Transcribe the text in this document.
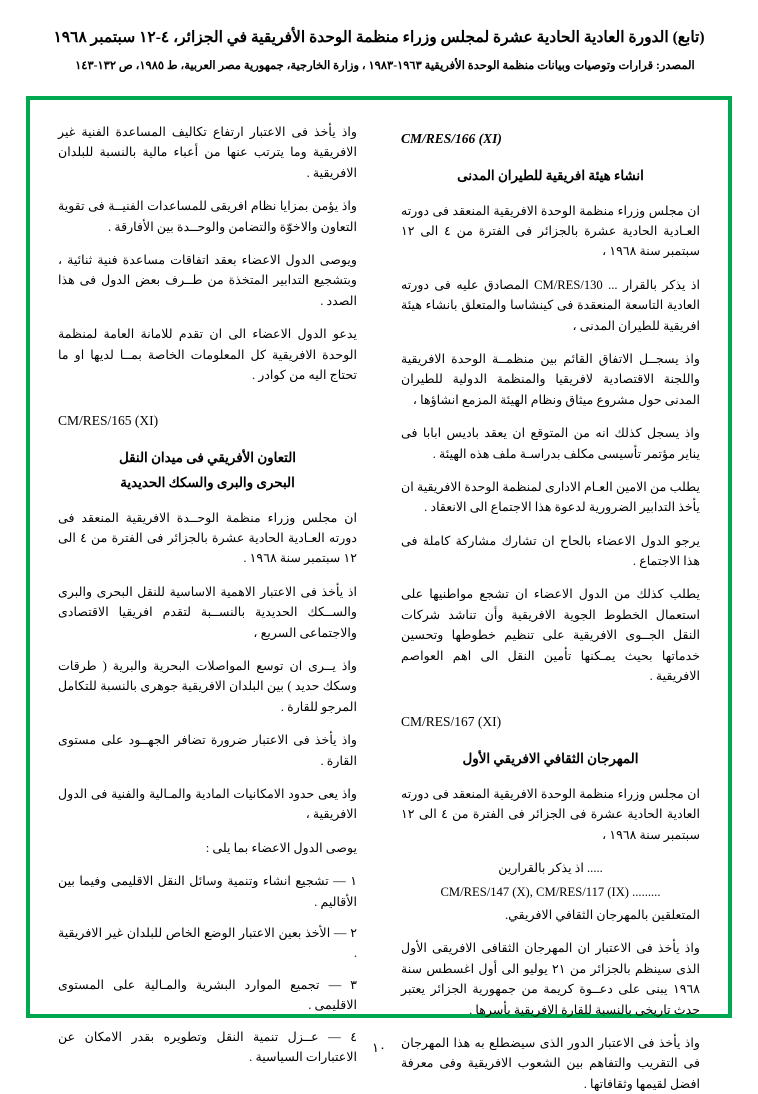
(تابع) الدورة العادية الحادية عشرة لمجلس وزراء منظمة الوحدة الأفريقية في الجزائر، ٤-١٢ سبتمبر ١٩٦٨
المصدر: ﻗﺮﺍﺭﺍﺕ ﻭﺗﻮﺻﻴﺎﺕ ﻭﺑﻴﺎﻧﺎﺕ ﻣﻨﻈﻤﺔ ﺍﻟﻮﺣﺪﺓ ﺍﻷﻓﺮﻳﻘﻴﺔ ١٩٦٣-١٩٨٣ ، ﻭﺯﺍﺭﺓ ﺍﻟﺨﺎﺭﺟﻴﺔ، ﺟﻤﻬﻮﺭﻳﺔ ﻣﺼﺮ ﺍﻟﻌﺮﺑﻴﺔ، ﻁ ١٩٨٥، ﺹ ١٣٢-١٤٣ ّ
CM/RES/166 (XI)
انشاء هيئة افريقية للطيران المدنى

ان مجلس وزراء منظمة الوحدة الافريقية المنعقد فى دورته العـادية الحادية عشرة بالجزائر فى الفترة من ٤ الى ١٢ سبتمبر سنة ١٩٦٨ ،

اذ يذكر بالقرار ... CM/RES/130 المصادق عليه فى دورته العادية التاسعة المنعقدة فى كينشاسا والمتعلق بانشاء هيئة افريقية للطيران المدنى ،

واذ يسجــل الاتفاق القائم بين منظمــة الوحدة الافريقية واللجنة الاقتصادية لافريقيا والمنظمة الدولية للطيران المدنى حول مشروع ميثاق ونظام الهيئة المزمع انشاؤها ،

واذ يسجل كذلك انه من المتوقع ان يعقد باديس ابابا فى يناير مؤتمر تأسيسى مكلف بدراسـة ملف هذه الهيئة .

يطلب من الامين العـام الادارى لمنظمة الوحدة الافريقية ان يأخذ التدابير الضرورية لدعوة هذا الاجتماع الى الانعقاد .

يرجو الدول الاعضاء بالحاح ان تشارك مشاركة كاملة فى هذا الاجتماع .

يطلب كذلك من الدول الاعضاء ان تشجع مواطنيها على استعمال الخطوط الجوية الافريقية وأن تناشد شركات النقل الجــوى الافريقية على تنظيم خطوطها وتحسين خدماتها بحيث يمـكنها تأمين النقل الى اهم العواصم الافريقية .

CM/RES/167 (XI)
المهرجان الثقافي الافريقي الأول

ان مجلس وزراء منظمة الوحدة الافريقية المنعقد فى دورته العادية الحادية عشرة فى الجزائر فى الفترة من ٤ الى ١٢ سبتمبر سنة ١٩٦٨ ،

اذ يذكر بالقرارين .....
CM/RES/147 (X), CM/RES/117 (IX) .........

المتعلقين بالمهرجان الثقافي الافريقي.

واذ يأخذ فى الاعتبار ان المهرجان الثقافى الافريقى الأول الذى سينظم بالجزائر من ٢١ يوليو الى أول اغسطس سنة ١٩٦٨ يبنى على دعــوة كريمة من جمهورية الجزائر يعتبر حدث تاريخى بالنسبة للقارة الافريقية بأسرها .

واذ يأخذ فى الاعتبار الدور الذى سيضطلع به هذا المهرجان فى التقريب والتفاهم بين الشعوب الافريقية وفى معرفة افضل لقيمها وثقافاتها .

واذ يأخذ فى الاعتبار ارتفاع تكاليف المساعدة الفنية غير الافريقية وما يترتب عنها من أعباء مالية بالنسبة للبلدان الافريقية .

واذ يؤمن بمزايا نظام افريقى للمساعدات الفنيــة فى تقوية التعاون والاخوّة والتضامن والوحــدة بين الأفارقة .

ويوصى الدول الاعضاء بعقد اتفاقات مساعدة فنية ثنائية ، وبتشجيع التدابير المتخذة من طــرف بعض الدول فى هذا الصدد .

يدعو الدول الاعضاء الى ان تقدم للامانة العامة لمنظمة الوحدة الافريقية كل المعلومات الخاصة بمــا لديها او ما تحتاج اليه من كوادر .

CM/RES/165 (XI)
التعاون الأفريقي فى ميدان النقل
البحرى والبرى والسكك الحديدية

ان مجلس وزراء منظمة الوحــدة الافريقية المنعقد فى دورته العـادية الحادية عشرة بالجزائر فى الفترة من ٤ الى ١٢ سبتمبر سنة ١٩٦٨ .

اذ يأخذ فى الاعتبار الاهمية الاساسية للنقل البحرى والبرى والســكك الحديدية بالنســبة لتقدم افريقيا الاقتصادى والاجتماعى السريع ،

واذ يــرى ان توسع المواصلات البحرية والبرية ( طرقات وسكك حديد ) بين البلدان الافريقية جوهرى بالنسبة للتكامل المرجو للقارة .

واذ يأخذ فى الاعتبار ضرورة تضافر الجهــود على مستوى القارة .

واذ يعى حدود الامكانيات المادية والمـالية والفنية فى الدول الافريقية ،

يوصى الدول الاعضاء بما يلى :

١ — تشجيع انشاء وتنمية وسائل النقل الاقليمى وفيما بين الأقاليم .

٢ — الأخذ بعين الاعتبار الوضع الخاص للبلدان غير الافريقية .

٣ — تجميع الموارد البشرية والمـالية على المستوى الاقليمى .

٤ — عــزل تنمية النقل وتطويره بقدر الامكان عن الاعتبارات السياسية .

١٠
